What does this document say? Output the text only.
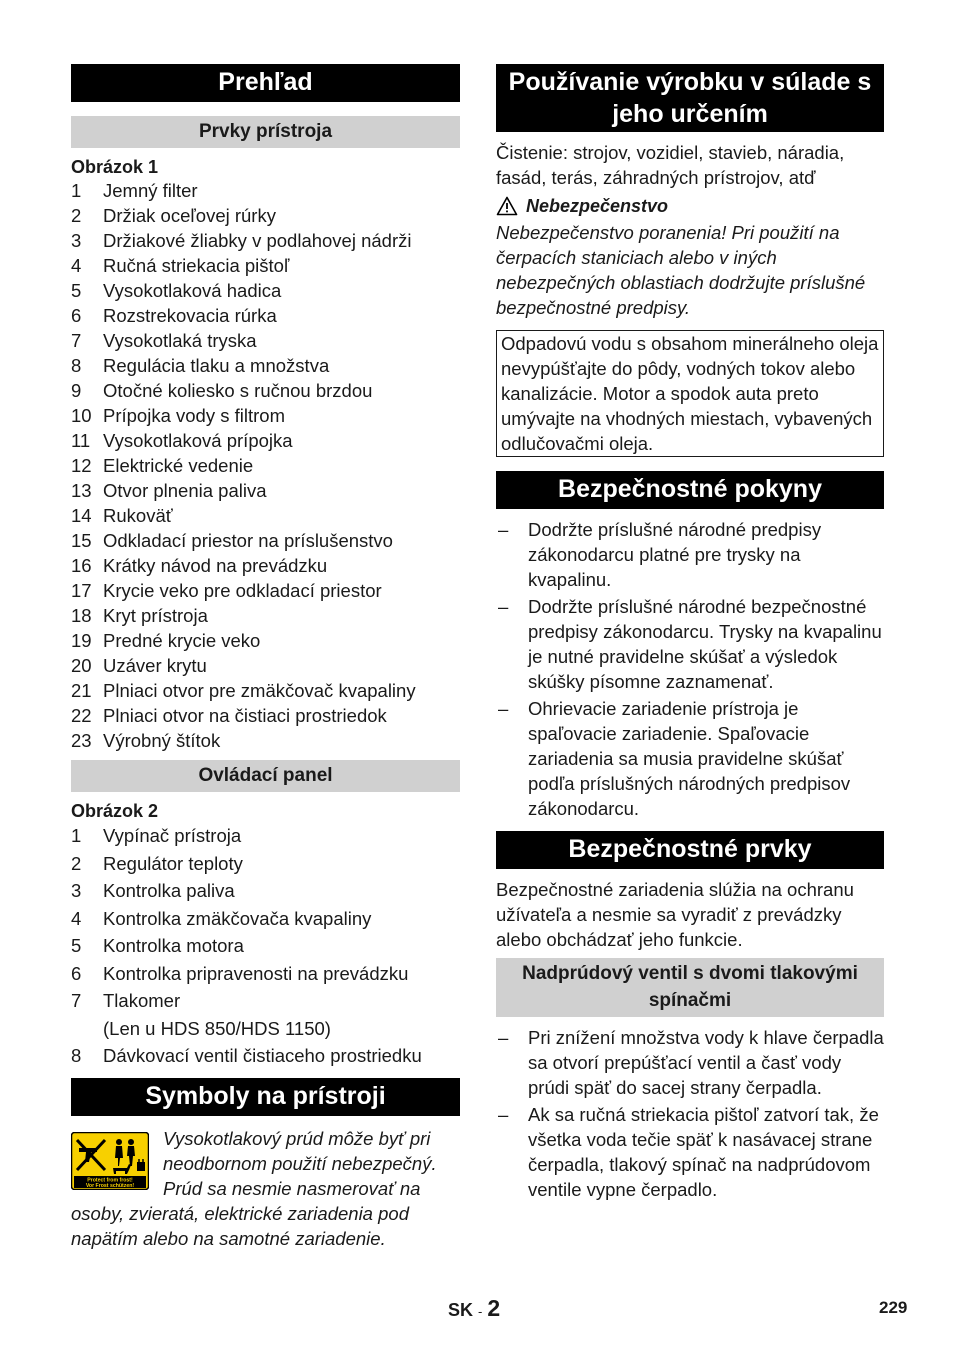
Prehľad
Prvky prístroja
Obrázok 1
1	Jemný filter
2	Držiak oceľovej rúrky
3	Držiakové žliabky v podlahovej nádrži
4	Ručná striekacia pištoľ
5	Vysokotlaková hadica
6	Rozstrekovacia rúrka
7	Vysokotlaká tryska
8	Regulácia tlaku a množstva
9	Otočné koliesko s ručnou brzdou
10 Prípojka vody s filtrom
11 Vysokotlaková prípojka
12 Elektrické vedenie
13 Otvor plnenia paliva
14 Rukoväť
15 Odkladací priestor na príslušenstvo
16 Krátky návod na prevádzku
17 Krycie veko pre odkladací priestor
18 Kryt prístroja
19 Predné krycie veko
20 Uzáver krytu
21 Plniaci otvor pre zmäkčovač kvapaliny
22 Plniaci otvor na čistiaci prostriedok
23 Výrobný štítok
Ovládací panel
Obrázok 2
1	Vypínač prístroja
2	Regulátor teploty
3	Kontrolka paliva
4	Kontrolka zmäkčovača kvapaliny
5	Kontrolka motora
6	Kontrolka pripravenosti na prevádzku
7	Tlakomer
(Len u HDS 850/HDS 1150)
8	Dávkovací ventil čistiaceho prostriedku
Symboly na prístroji
Protect from frost!
Vor Frost schützen!
Vysokotlakový prúd môže byť pri neodbornom použití nebezpečný. Prúd sa nesmie nasmerovať na osoby, zvieratá, elektrické zariadenia pod napätím alebo na samotné zariadenie.
Používanie výrobku v súlade s jeho určením
Čistenie: strojov, vozidiel, stavieb, náradia, fasád, terás, záhradných prístrojov, atď
Nebezpečenstvo
Nebezpečenstvo poranenia! Pri použití na čerpacích staniciach alebo v iných nebezpečných oblastiach dodržujte príslušné bezpečnostné predpisy.
Odpadovú vodu s obsahom minerálneho oleja nevypúšťajte do pôdy, vodných tokov alebo kanalizácie. Motor a spodok auta preto umývajte na vhodných miestach, vybavených odlučovačmi oleja.
Bezpečnostné pokyny
–	Dodržte príslušné národné predpisy zákonodarcu platné pre trysky na kvapalinu.
–	Dodržte príslušné národné bezpečnostné predpisy zákonodarcu. Trysky na kvapalinu je nutné pravidelne skúšať a výsledok skúšky písomne zaznamenať.
–	Ohrievacie zariadenie prístroja je spaľovacie zariadenie. Spaľovacie zariadenia sa musia pravidelne skúšať podľa príslušných národných predpisov zákonodarcu.
Bezpečnostné prvky
Bezpečnostné zariadenia slúžia na ochranu užívateľa a nesmie sa vyradiť z prevádzky alebo obchádzať jeho funkcie.
Nadprúdový ventil s dvomi tlakovými spínačmi
–	Pri znížení množstva vody k hlave čerpadla sa otvorí prepúšťací ventil a časť vody prúdi späť do sacej strany čerpadla.
–	Ak sa ručná striekacia pištoľ zatvorí tak, že všetka voda tečie späť k nasávacej strane čerpadla, tlakový spínač na nadprúdovom ventile vypne čerpadlo.
SK - 2	229
